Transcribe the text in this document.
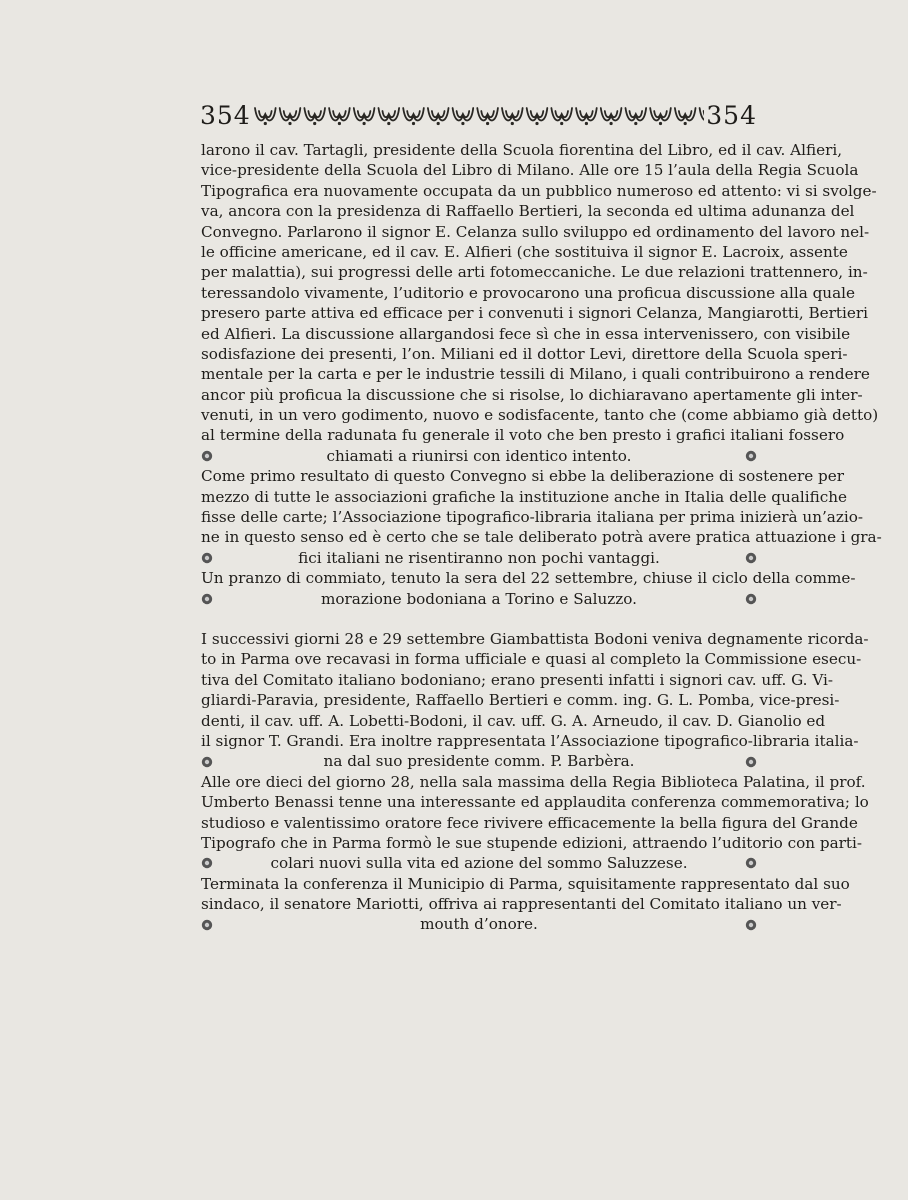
354	354
larono il cav. Tartagli, presidente della Scuola fiorentina del Libro, ed il cav. Alfieri,
vice-presidente della Scuola del Libro di Milano. Alle ore 15 l’aula della Regia Scuola
Tipografica era nuovamente occupata da un pubblico numeroso ed attento: vi si svolge-
va, ancora con la presidenza di Raffaello Bertieri, la seconda ed ultima adunanza del
Convegno. Parlarono il signor E. Celanza sullo sviluppo ed ordinamento del lavoro nel-
le officine americane, ed il cav. E. Alfieri (che sostituiva il signor E. Lacroix, assente
per malattia), sui progressi delle arti fotomeccaniche. Le due relazioni trattennero, in-
teressandolo vivamente, l’uditorio e provocarono una proficua discussione alla quale
presero parte attiva ed efficace per i convenuti i signori Celanza, Mangiarotti, Bertieri
ed Alfieri. La discussione allargandosi fece sì che in essa intervenissero, con visibile
sodisfazione dei presenti, l’on. Miliani ed il dottor Levi, direttore della Scuola speri-
mentale per la carta e per le industrie tessili di Milano, i quali contribuirono a rendere
ancor più proficua la discussione che si risolse, lo dichiaravano apertamente gli inter-
venuti, in un vero godimento, nuovo e sodisfacente, tanto che (come abbiamo già detto)
al termine della radunata fu generale il voto che ben presto i grafici italiani fossero
chiamati a riunirsi con identico intento.
Come primo resultato di questo Convegno si ebbe la deliberazione di sostenere per
mezzo di tutte le associazioni grafiche la instituzione anche in Italia delle qualifiche
fisse delle carte; l’Associazione tipografico-libraria italiana per prima inizierà un’azio-
ne in questo senso ed è certo che se tale deliberato potrà avere pratica attuazione i gra-
fici italiani ne risentiranno non pochi vantaggi.
Un pranzo di commiato, tenuto la sera del 22 settembre, chiuse il ciclo della comme-
morazione bodoniana a Torino e Saluzzo.
I successivi giorni 28 e 29 settembre Giambattista Bodoni veniva degnamente ricorda-
to in Parma ove recavasi in forma ufficiale e quasi al completo la Commissione esecu-
tiva del Comitato italiano bodoniano; erano presenti infatti i signori cav. uff. G. Vi-
gliardi-Paravia, presidente, Raffaello Bertieri e comm. ing. G. L. Pomba, vice-presi-
denti, il cav. uff. A. Lobetti-Bodoni, il cav. uff. G. A. Arneudo, il cav. D. Gianolio ed
il signor T. Grandi. Era inoltre rappresentata l’Associazione tipografico-libraria italia-
na dal suo presidente comm. P. Barbèra.
Alle ore dieci del giorno 28, nella sala massima della Regia Biblioteca Palatina, il prof.
Umberto Benassi tenne una interessante ed applaudita conferenza commemorativa; lo
studioso e valentissimo oratore fece rivivere efficacemente la bella figura del Grande
Tipografo che in Parma formò le sue stupende edizioni, attraendo l’uditorio con parti-
colari nuovi sulla vita ed azione del sommo Saluzzese.
Terminata la conferenza il Municipio di Parma, squisitamente rappresentato dal suo
sindaco, il senatore Mariotti, offriva ai rappresentanti del Comitato italiano un ver-
mouth d’onore.
